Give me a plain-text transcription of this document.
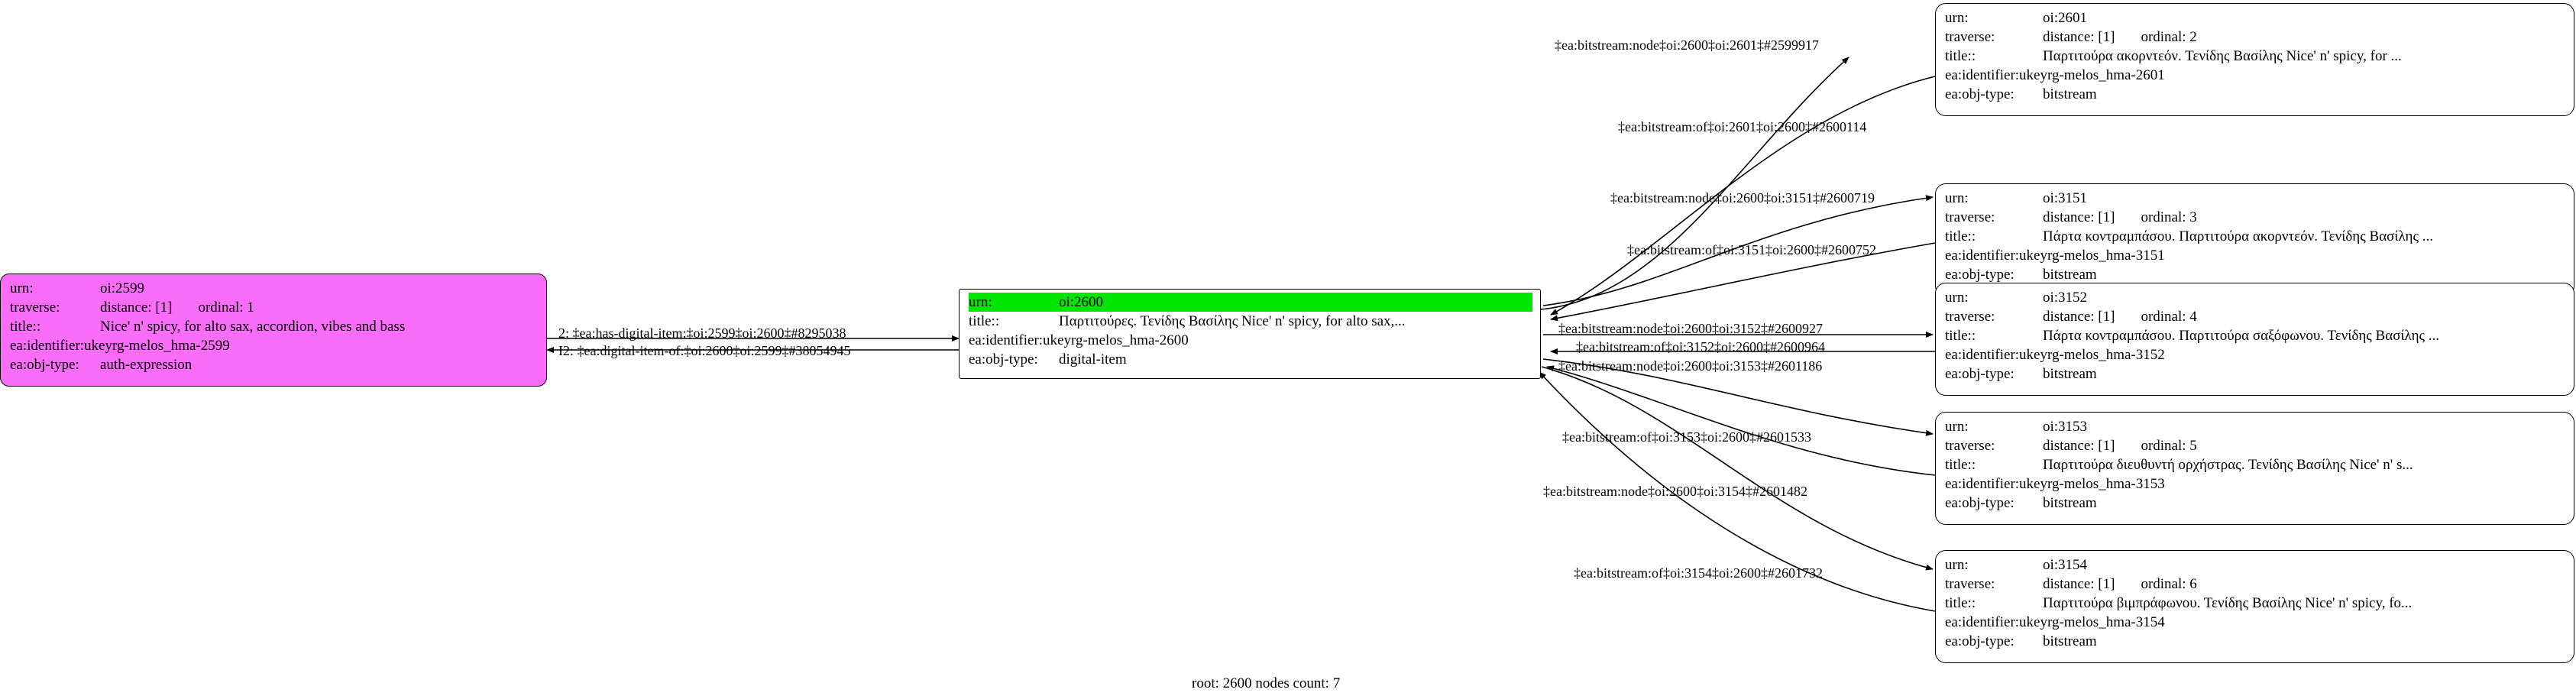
urn:	oi:2599
traverse:	distance: [1] ordinal: 1
title::	Nice' n' spicy, for alto sax, accordion, vibes and bass
ea:identifier:ukey rg-melos_hma-2599
ea:obj-type:	auth-expression
urn:	oi:2600
title::	Παρτιτούρες. Τενίδης Βασίλης Nice' n' spicy, for alto sax,...
ea:identifier:ukey rg-melos_hma-2600
ea:obj-type:	digital-item
urn:	oi:2601
traverse:	distance: [1] ordinal: 2
title::	Παρτιτούρα ακορντεόν. Τενίδης Βασίλης Nice' n' spicy, for ...
ea:identifier:ukey rg-melos_hma-2601
ea:obj-type:	bitstream
urn:	oi:3151
traverse:	distance: [1] ordinal: 3
title::	Πάρτα κοντραμπάσου. Παρτιτούρα ακορντεόν. Τενίδης Βασίλης ...
ea:identifier:ukey rg-melos_hma-3151
ea:obj-type:	bitstream
urn:	oi:3152
traverse:	distance: [1] ordinal: 4
title::	Πάρτα κοντραμπάσου. Παρτιτούρα σαξόφωνου. Τενίδης Βασίλης ...
ea:identifier:ukey rg-melos_hma-3152
ea:obj-type:	bitstream
urn:	oi:3153
traverse:	distance: [1] ordinal: 5
title::	Παρτιτούρα διευθυντή ορχήστρας. Τενίδης Βασίλης Nice' n' s...
ea:identifier:ukey rg-melos_hma-3153
ea:obj-type:	bitstream
urn:	oi:3154
traverse:	distance: [1] ordinal: 6
title::	Παρτιτούρα βιμπράφωνου. Τενίδης Βασίλης Nice' n' spicy, fo...
ea:identifier:ukey rg-melos_hma-3154
ea:obj-type:	bitstream
2: ‡ea:has-digital-item:‡oi:2599‡oi:2600‡#8295038
I2: ‡ea:digital-item-of:‡oi:2600‡oi:2599‡#38054945
‡ea:bitstream:node‡oi:2600‡oi:2601‡#2599917
‡ea:bitstream:of‡oi:2601‡oi:2600‡#2600114
‡ea:bitstream:node‡oi:2600‡oi:3151‡#2600719
‡ea:bitstream:of‡oi:3151‡oi:2600‡#2600752
‡ea:bitstream:node‡oi:2600‡oi:3152‡#2600927
‡ea:bitstream:of‡oi:3152‡oi:2600‡#2600964
‡ea:bitstream:node‡oi:2600‡oi:3153‡#2601186
‡ea:bitstream:of‡oi:3153‡oi:2600‡#2601533
‡ea:bitstream:node‡oi:2600‡oi:3154‡#2601482
‡ea:bitstream:of‡oi:3154‡oi:2600‡#2601732
root: 2600 nodes count: 7
